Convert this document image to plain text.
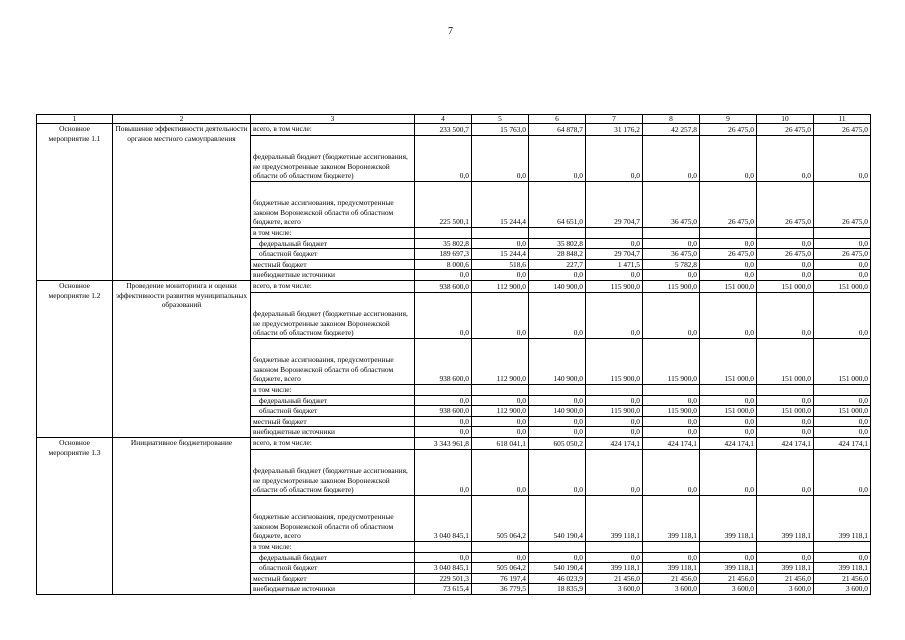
7
1	2	3	4	5	6	7	8	9	10	11
Основное мероприятие 1.1	Повышение эффективности деятельности органов местного самоуправления	всего, в том числе:	233 500,7	15 763,0	64 878,7	31 176,2	42 257,8	26 475,0	26 475,0	26 475,0
		федеральный бюджет (бюджетные ассигнования, не предусмотренные законом Воронежской области об областном бюджете)	0,0	0,0	0,0	0,0	0,0	0,0	0,0	0,0
		бюджетные ассигнования, предусмотренные законом Воронежской области об областном бюджете, всего	225 500,1	15 244,4	64 651,0	29 704,7	36 475,0	26 475,0	26 475,0	26 475,0
		в том числе:								
		федеральный бюджет	35 802,8	0,0	35 802,8	0,0	0,0	0,0	0,0	0,0
		областной бюджет	189 697,3	15 244,4	28 848,2	29 704,7	36 475,0	26 475,0	26 475,0	26 475,0
		местный бюджет	8 000,6	518,6	227,7	1 471,5	5 782,8	0,0	0,0	0,0
		внебюджетные источники	0,0	0,0	0,0	0,0	0,0	0,0	0,0	0,0
Основное мероприятие 1.2	Проведение мониторинга и оценки эффективности развития муниципальных образований	всего, в том числе:	938 600,0	112 900,0	140 900,0	115 900,0	115 900,0	151 000,0	151 000,0	151 000,0
		федеральный бюджет (бюджетные ассигнования, не предусмотренные законом Воронежской области об областном бюджете)	0,0	0,0	0,0	0,0	0,0	0,0	0,0	0,0
		бюджетные ассигнования, предусмотренные законом Воронежской области об областном бюджете, всего	938 600,0	112 900,0	140 900,0	115 900,0	115 900,0	151 000,0	151 000,0	151 000,0
		в том числе:								
		федеральный бюджет	0,0	0,0	0,0	0,0	0,0	0,0	0,0	0,0
		областной бюджет	938 600,0	112 900,0	140 900,0	115 900,0	115 900,0	151 000,0	151 000,0	151 000,0
		местный бюджет	0,0	0,0	0,0	0,0	0,0	0,0	0,0	0,0
		внебюджетные источники	0,0	0,0	0,0	0,0	0,0	0,0	0,0	0,0
Основное мероприятие 1.3	Инициативное бюджетирование	всего, в том числе:	3 343 961,8	618 041,1	605 050,2	424 174,1	424 174,1	424 174,1	424 174,1	424 174,1
		федеральный бюджет (бюджетные ассигнования, не предусмотренные законом Воронежской области об областном бюджете)	0,0	0,0	0,0	0,0	0,0	0,0	0,0	0,0
		бюджетные ассигнования, предусмотренные законом Воронежской области об областном бюджете, всего	3 040 845,1	505 064,2	540 190,4	399 118,1	399 118,1	399 118,1	399 118,1	399 118,1
		в том числе:								
		федеральный бюджет	0,0	0,0	0,0	0,0	0,0	0,0	0,0	0,0
		областной бюджет	3 040 845,1	505 064,2	540 190,4	399 118,1	399 118,1	399 118,1	399 118,1	399 118,1
		местный бюджет	229 501,3	76 197,4	46 023,9	21 456,0	21 456,0	21 456,0	21 456,0	21 456,0
		внебюджетные источники	73 615,4	36 779,5	18 835,9	3 600,0	3 600,0	3 600,0	3 600,0	3 600,0
